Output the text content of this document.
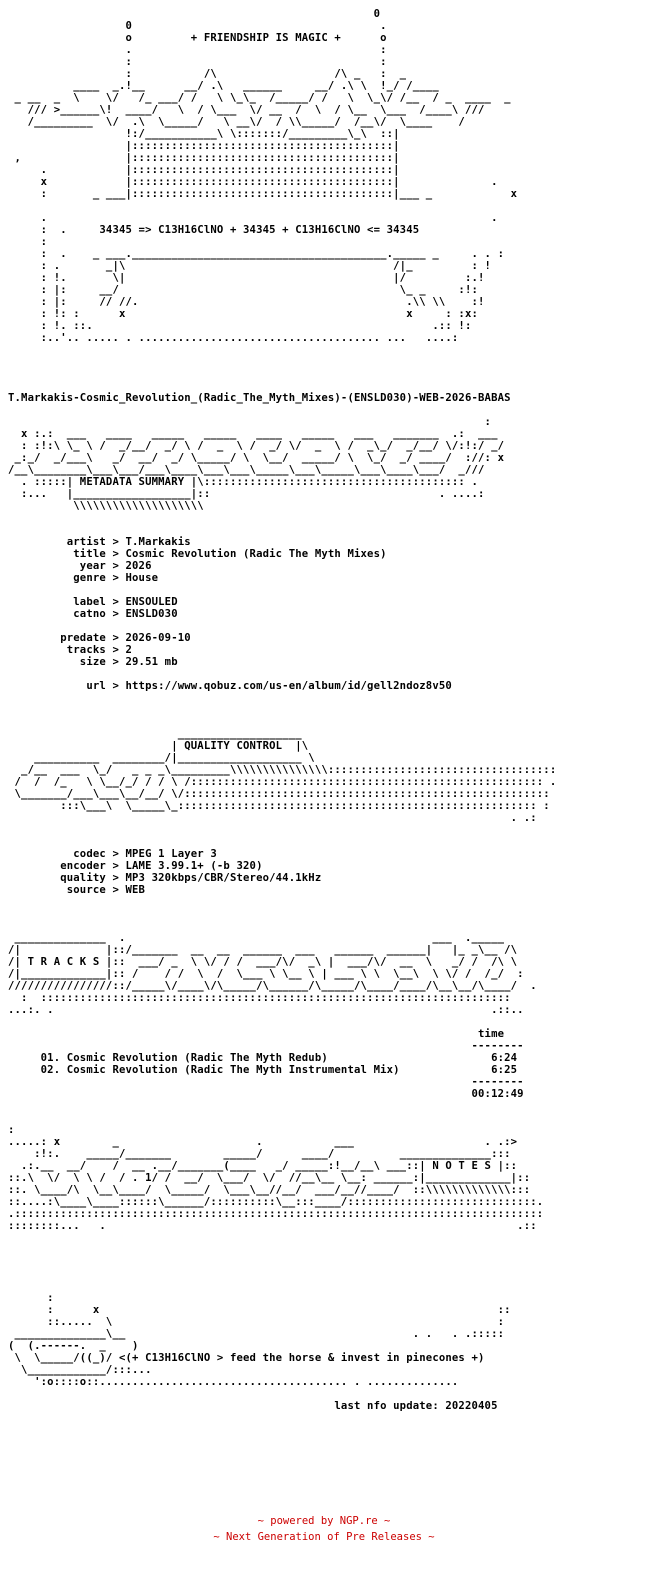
0
0                                      .
o         + FRIENDSHIP IS MAGIC +      o
.                                      :
:                                      :
:           /\                  /\ _   :  _
____  _.!__      __/ .\   ______     __/ .\ \  !_/ /____
_ __  _  \    \/   /_ ___/ /   \ \_\_  /_____/ /   \  \_\/ /__  / _  ____  _
/// >______\!  ____/   \  / \___  \/ __  /  \  / \__  \___  /____\ ///
/_________  \/  .\  \_____/   \ __\/  / \\_____/  /__\/  \____    /
!:/___________\ \:::::::/_________\_\  ::|
|::::::::::::::::::::::::::::::::::::::::|
,                |::::::::::::::::::::::::::::::::::::::::|
.            |::::::::::::::::::::::::::::::::::::::::|
x            |::::::::::::::::::::::::::::::::::::::::|              .
:       _ ___|::::::::::::::::::::::::::::::::::::::::|___ _            x

.                                                                    .
:  .     34345 => C13H16ClNO + 34345 + C13H16ClNO <= 34345
:
:  .    _ ___._______________________________________._____ _     . . :
: .       _|\                                         /|_         : !
: !.       \|                                         |/         :.!
: |:     __/                                           \_ _     :!:
: |:     // //.                                         .\\ \\    :!
: !: :      x                                           x     : :x:
: !. ::.                                                    .:: !:
:..'.. ..... . ..................................... ...   ....:

T.Markakis-Cosmic_Revolution_(Radic_The_Myth_Mixes)-(ENSLD030)-WEB-2026-BABAS

:
x :.:  ___   ____   _____   _____   ____   _____   ___   _______  .:  ___
: :!:\ \_ \ /  _/__/  _/ \ /  _  \ /  _/ \/  _  \ /  _\_/  _/__/ \/:!:/ _/
_:_/  _/___\   _/  __/  _/ \_____/ \  \__/  _____/ \  \_/  _/ ____/  ://: x
/__\________\___\___/___\____\___\___\_____\___\_____\___\____\___/  _///
. :::::| METADATA SUMMARY |\:::::::::::::::::::::::::::::::::::::::: .
:...   |__________________|::                                   . ....:
\\\\\\\\\\\\\\\\\\\\

artist > T.Markakis
title > Cosmic Revolution (Radic The Myth Mixes)
year > 2026
genre > House

label > ENSOULED
catno > ENSLD030

predate > 2026-09-10
tracks > 2
size > 29.51 mb

url > https://www.qobuz.com/us-en/album/id/gell2ndoz8v50

___________________
| QUALITY CONTROL  |\
__________  ________/|___________________ \
_/__  ___  \_/   _ _ _\_________\\\\\\\\\\\\\\\:::::::::::::::::::::::::::::::::::
/  /  /_   \ \__/_/ / / \ /:::::::::::::::::::::::::::::::::::::::::::::::::::::: .
\_______/___\___\__/__/ \/::::::::::::::::::::::::::::::::::::::::::::::::::::::::
:::\___\  \_____\_::::::::::::::::::::::::::::::::::::::::::::::::::::::: :
. .:

codec > MPEG 1 Layer 3
encoder > LAME 3.99.1+ (-b 320)
quality > MP3 320kbps/CBR/Stereo/44.1kHz
source > WEB

______________  .                                               ___  ._____
/|             |::/_______  __  __  ______  ___   ______  ______|   |_ _\__ /\
/| T R A C K S |::  ___/ _  \ \/ / /  ___/\/  _\ |  ___/\/  __  \   _/ /  /\ \
/|_____________|:: /    / /  \  /  \___ \ \__ \ | ___ \ \  \__\  \ \/ /  /_/  :
////////////////::/_____\/____\/\_____/\______/\_____/\____/____/\__\__/\____/  .
:  ::::::::::::::::::::::::::::::::::::::::::::::::::::::::::::::::::::::::
...:. .                                                                   .::..

time
--------
01. Cosmic Revolution (Radic The Myth Redub)                         6:24
02. Cosmic Revolution (Radic The Myth Instrumental Mix)              6:25
--------
00:12:49

:
.....: x        _                     .           ___                    . .:>
:!:.    _____/_______        _____/      ____/          ______________:::
.:.__  __/    /  __ .__/_______(____   _/ _____:!__/__\ ___::| N O T E S |::
::.\  \/  \ \ /  / . 1/ /  __/  \___/  \/  //__\__ \__: ______:|_____________|::
::. \____/\  \__\____/  \_____/  \___\__//__/  ___/__//____/  ::\\\\\\\\\\\\\:::
::....:\____\____::::::\______/::::::::::\__:::____/:::::::::::::::::::::::::::::.
.:::::::::::::::::::::::::::::::::::::::::::::::::::::::::::::::::::::::::::::::::
::::::::...   .                                                               .::

:
:      x                                                             ::
::.....  \                                                           :
______________\__                                            . .   . .:::::
(  (.------.  _    )
\  \_____/((_)/ <(+ C13H16ClNO > feed the horse & invest in pinecones +)
\____________/:::...
':o::::o::...................................... . ..............

last nfo update: 20220405
~ powered by NGP.re ~
~ Next Generation of Pre Releases ~
